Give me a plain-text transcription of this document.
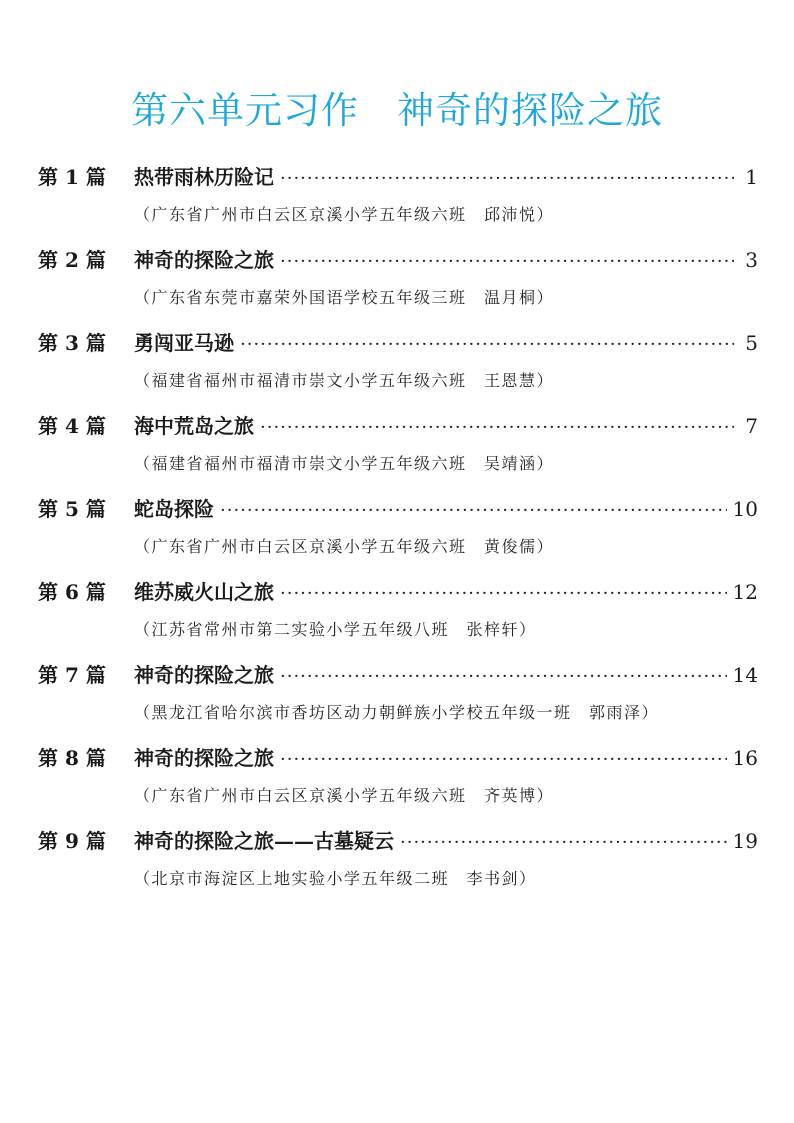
第六单元习作　神奇的探险之旅
第 1 篇	热带雨林历险记 ·····	1
（广东省广州市白云区京溪小学五年级六班　邱沛悦）
第 2 篇	神奇的探险之旅 ·····	3
（广东省东莞市嘉荣外国语学校五年级三班　温月桐）
第 3 篇	勇闯亚马逊 ·····	5
（福建省福州市福清市崇文小学五年级六班　王恩慧）
第 4 篇	海中荒岛之旅 ·····	7
（福建省福州市福清市崇文小学五年级六班　吴靖涵）
第 5 篇	蛇岛探险 ·····	10
（广东省广州市白云区京溪小学五年级六班　黄俊儒）
第 6 篇	维苏威火山之旅 ·····	12
（江苏省常州市第二实验小学五年级八班　张梓轩）
第 7 篇	神奇的探险之旅 ·····	14
（黑龙江省哈尔滨市香坊区动力朝鲜族小学校五年级一班　郭雨泽）
第 8 篇	神奇的探险之旅 ·····	16
（广东省广州市白云区京溪小学五年级六班　齐英博）
第 9 篇	神奇的探险之旅——古墓疑云 ·····	19
（北京市海淀区上地实验小学五年级二班　李书剑）
